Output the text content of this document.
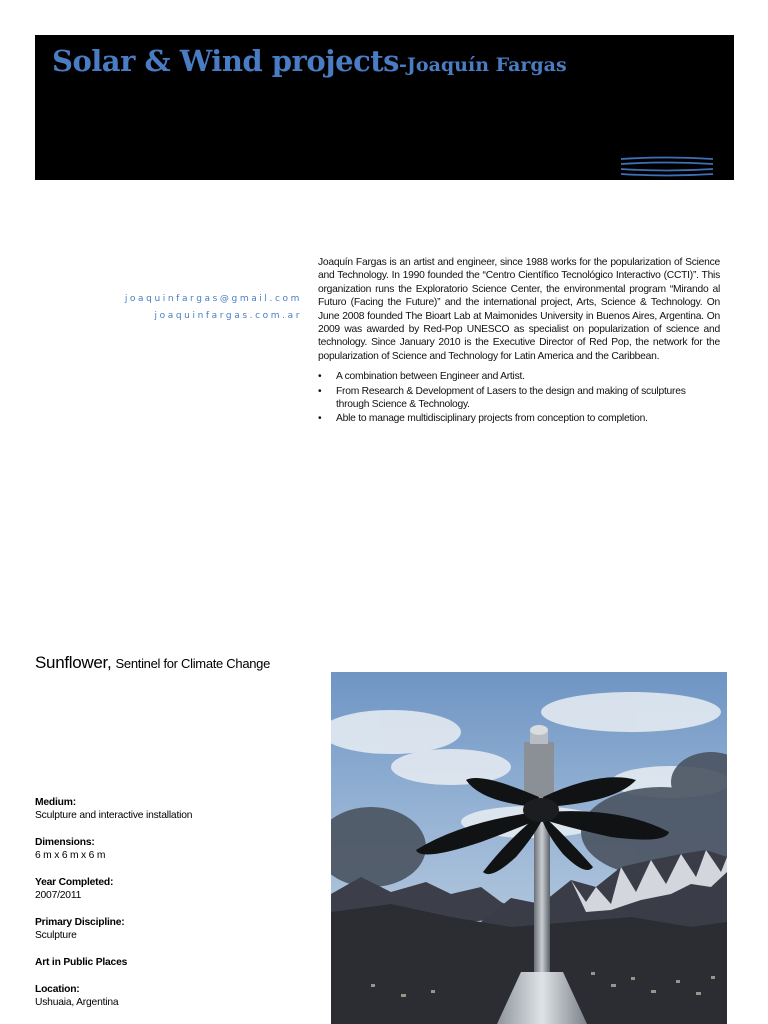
Solar & Wind projects-Joaquín Fargas
joaquinfargas@gmail.com
joaquinfargas.com.ar

Joaquín Fargas is an artist and engineer, since 1988 works for the popularization of Science and Technology. In 1990 founded the “Centro Científico Tecnológico Interactivo (CCTI)”. This organization runs the Exploratorio Science Center, the environmental program “Mirando al Futuro (Facing the Future)” and the international project, Arts, Science & Technology. On June 2008 founded The Bioart Lab at Maimonides University in Buenos Aires, Argentina. On 2009 was awarded by Red-Pop UNESCO as specialist on popularization of science and technology. Since January 2010 is the Executive Director of Red Pop, the network for the popularization of Science and Technology for Latin America and the Caribbean.

• A combination between Engineer and Artist.
• From Research & Development of Lasers to the design and making of sculptures through Science & Technology.
• Able to manage multidisciplinary projects from conception to completion.
Sunflower, Sentinel for Climate Change
Medium:
Sculpture and interactive installation
Dimensions:
6 m x 6 m x 6 m
Year Completed:
2007/2011
Primary Discipline:
Sculpture
Art in Public Places
Location:
Ushuaia, Argentina
